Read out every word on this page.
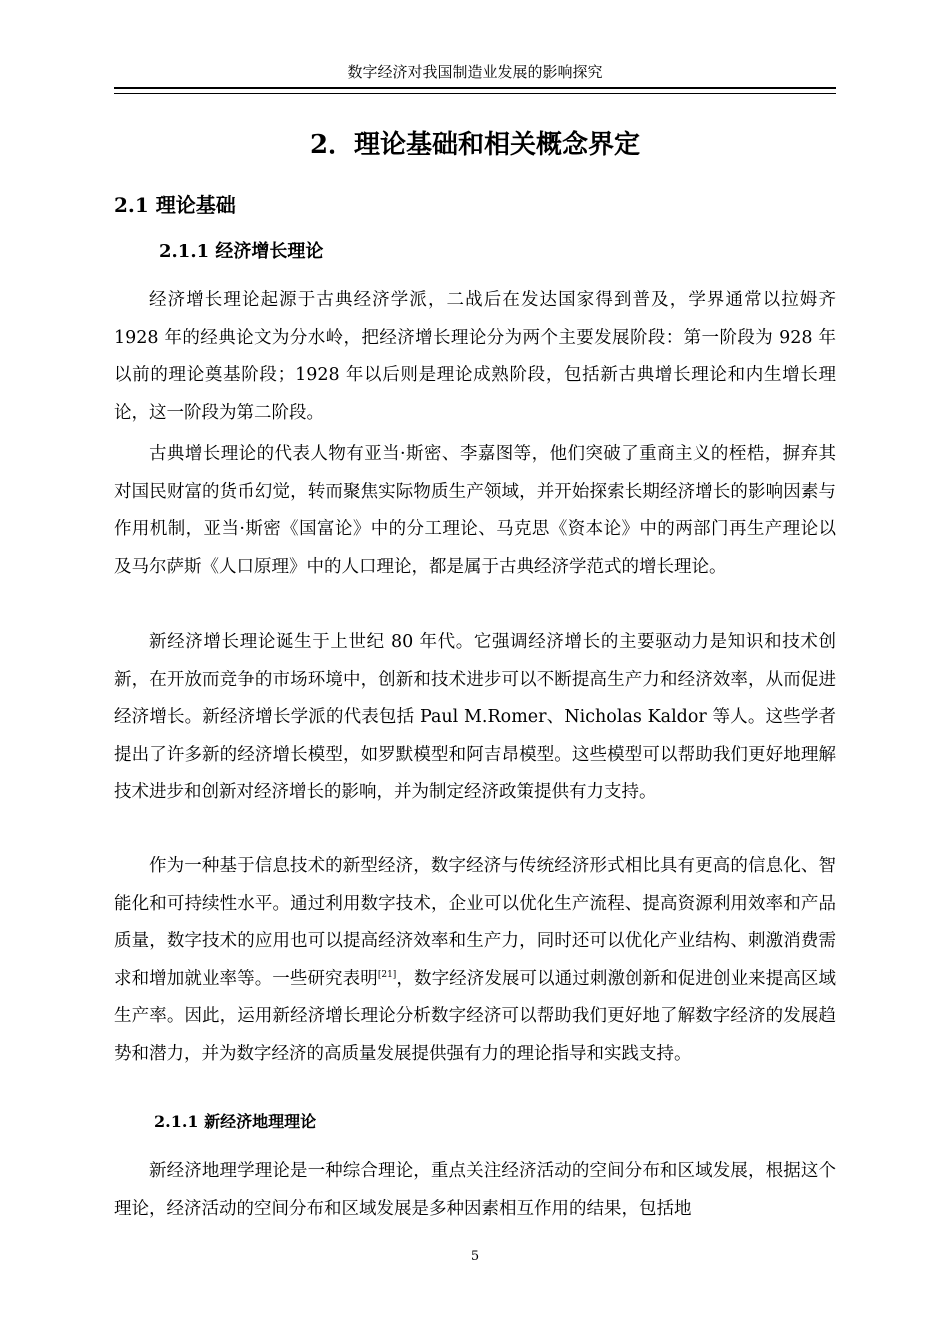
数字经济对我国制造业发展的影响探究
2．理论基础和相关概念界定
2.1 理论基础
2.1.1 经济增长理论

经济增长理论起源于古典经济学派，二战后在发达国家得到普及，学界通常以拉姆齐 1928 年的经典论文为分水岭，把经济增长理论分为两个主要发展阶段：第一阶段为 928 年以前的理论奠基阶段；1928 年以后则是理论成熟阶段，包括新古典增长理论和内生增长理论，这一阶段为第二阶段。

古典增长理论的代表人物有亚当·斯密、李嘉图等，他们突破了重商主义的桎梏，摒弃其对国民财富的货币幻觉，转而聚焦实际物质生产领域，并开始探索长期经济增长的影响因素与作用机制，亚当·斯密《国富论》中的分工理论、马克思《资本论》中的两部门再生产理论以及马尔萨斯《人口原理》中的人口理论，都是属于古典经济学范式的增长理论。

新经济增长理论诞生于上世纪 80 年代。它强调经济增长的主要驱动力是知识和技术创新，在开放而竞争的市场环境中，创新和技术进步可以不断提高生产力和经济效率，从而促进经济增长。新经济增长学派的代表包括 Paul M.Romer、Nicholas Kaldor 等人。这些学者提出了许多新的经济增长模型，如罗默模型和阿吉昂模型。这些模型可以帮助我们更好地理解技术进步和创新对经济增长的影响，并为制定经济政策提供有力支持。

作为一种基于信息技术的新型经济，数字经济与传统经济形式相比具有更高的信息化、智能化和可持续性水平。通过利用数字技术，企业可以优化生产流程、提高资源利用效率和产品质量，数字技术的应用也可以提高经济效率和生产力，同时还可以优化产业结构、刺激消费需求和增加就业率等。一些研究表明[21]，数字经济发展可以通过刺激创新和促进创业来提高区域生产率。因此，运用新经济增长理论分析数字经济可以帮助我们更好地了解数字经济的发展趋势和潜力，并为数字经济的高质量发展提供强有力的理论指导和实践支持。

2.1.1 新经济地理理论

新经济地理学理论是一种综合理论，重点关注经济活动的空间分布和区域发展，根据这个理论，经济活动的空间分布和区域发展是多种因素相互作用的结果，包括地

5
